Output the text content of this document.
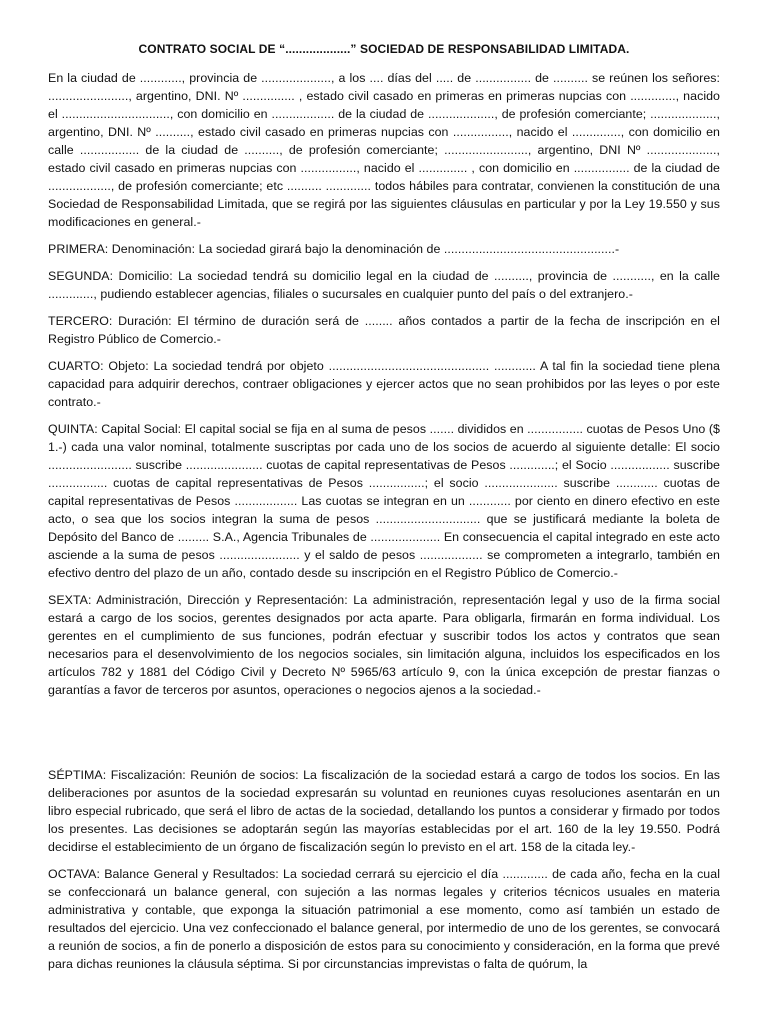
CONTRATO SOCIAL DE “...................” SOCIEDAD DE RESPONSABILIDAD LIMITADA.

En la ciudad de ............, provincia de ...................., a los .... días del ..... de ................ de .......... se reúnen los señores: ......................., argentino, DNI. Nº ............... , estado civil casado en primeras en primeras nupcias con ............., nacido el ..............................., con domicilio en .................. de la ciudad de ..................., de profesión comerciante; ..................., argentino, DNI. Nº .........., estado civil casado en primeras nupcias con ................, nacido el .............., con domicilio en calle ................. de la ciudad de .........., de profesión comerciante; ........................, argentino, DNI Nº ...................., estado civil casado en primeras nupcias con ................, nacido el .............. , con domicilio en ................ de la ciudad de .................., de profesión comerciante; etc .......... ............. todos hábiles para contratar, convienen la constitución de una Sociedad de Responsabilidad Limitada, que se regirá por las siguientes cláusulas en particular y por la Ley 19.550 y sus modificaciones en general.-

PRIMERA: Denominación: La sociedad girará bajo la denominación de .................................................-

SEGUNDA: Domicilio: La sociedad tendrá su domicilio legal en la ciudad de .........., provincia de ..........., en la calle ............., pudiendo establecer agencias, filiales o sucursales en cualquier punto del país o del extranjero.-

TERCERO: Duración: El término de duración será de ........ años contados a partir de la fecha de inscripción en el Registro Público de Comercio.-

CUARTO: Objeto: La sociedad tendrá por objeto .............................................. ............ A tal fin la sociedad tiene plena capacidad para adquirir derechos, contraer obligaciones y ejercer actos que no sean prohibidos por las leyes o por este contrato.-

QUINTA: Capital Social: El capital social se fija en al suma de pesos ....... divididos en ................ cuotas de Pesos Uno ($ 1.-) cada una valor nominal, totalmente suscriptas por cada uno de los socios de acuerdo al siguiente detalle: El socio ........................ suscribe ...................... cuotas de capital representativas de Pesos .............; el Socio ................. suscribe ................. cuotas de capital representativas de Pesos ................; el socio ..................... suscribe ............ cuotas de capital representativas de Pesos .................. Las cuotas se integran en un ............ por ciento en dinero efectivo en este acto, o sea que los socios integran la suma de pesos .............................. que se justificará mediante la boleta de Depósito del Banco de ......... S.A., Agencia Tribunales de .................... En consecuencia el capital integrado en este acto asciende a la suma de pesos ....................... y el saldo de pesos .................. se comprometen a integrarlo, también en efectivo dentro del plazo de un año, contado desde su inscripción en el Registro Público de Comercio.-

SEXTA: Administración, Dirección y Representación: La administración, representación legal y uso de la firma social estará a cargo de los socios, gerentes designados por acta aparte. Para obligarla, firmarán en forma individual. Los gerentes en el cumplimiento de sus funciones, podrán efectuar y suscribir todos los actos y contratos que sean necesarios para el desenvolvimiento de los negocios sociales, sin limitación alguna, incluidos los especificados en los artículos 782 y 1881 del Código Civil y Decreto Nº 5965/63 artículo 9, con la única excepción de prestar fianzas o garantías a favor de terceros por asuntos, operaciones o negocios ajenos a la sociedad.-

SÉPTIMA: Fiscalización: Reunión de socios: La fiscalización de la sociedad estará a cargo de todos los socios. En las deliberaciones por asuntos de la sociedad expresarán su voluntad en reuniones cuyas resoluciones asentarán en un libro especial rubricado, que será el libro de actas de la sociedad, detallando los puntos a considerar y firmado por todos los presentes. Las decisiones se adoptarán según las mayorías establecidas por el art. 160 de la ley 19.550. Podrá decidirse el establecimiento de un órgano de fiscalización según lo previsto en el art. 158 de la citada ley.-

OCTAVA: Balance General y Resultados: La sociedad cerrará su ejercicio el día ............. de cada año, fecha en la cual se confeccionará un balance general, con sujeción a las normas legales y criterios técnicos usuales en materia administrativa y contable, que exponga la situación patrimonial a ese momento, como así también un estado de resultados del ejercicio. Una vez confeccionado el balance general, por intermedio de uno de los gerentes, se convocará a reunión de socios, a fin de ponerlo a disposición de estos para su conocimiento y consideración, en la forma que prevé para dichas reuniones la cláusula séptima. Si por circunstancias imprevistas o falta de quórum, la
